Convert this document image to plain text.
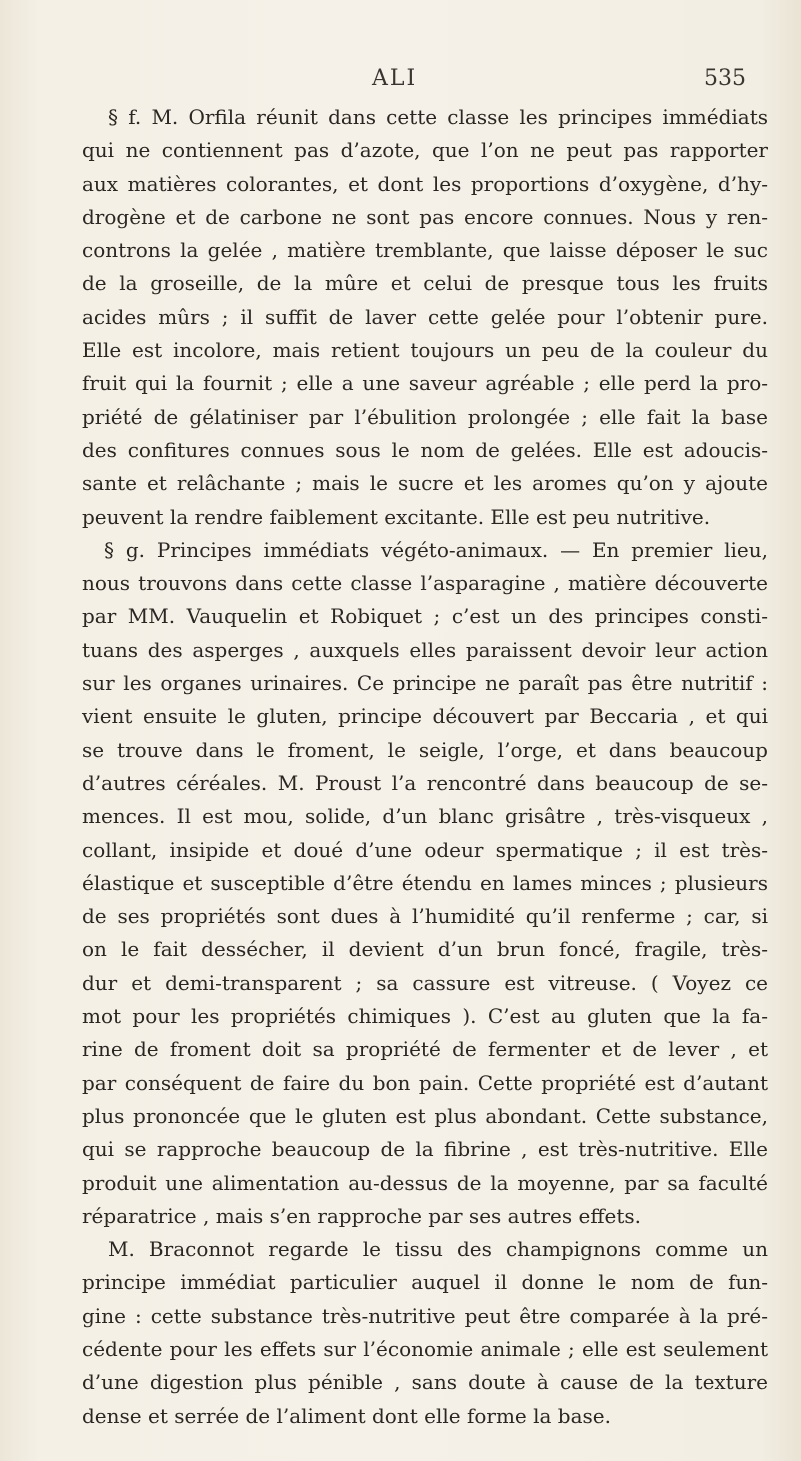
ALI	535
§ f. M. Orfila réunit dans cette classe les principes immédiats
qui ne contiennent pas d’azote, que l’on ne peut pas rapporter
aux matières colorantes, et dont les proportions d’oxygène, d’hy-
drogène et de carbone ne sont pas encore connues. Nous y ren-
controns la gelée , matière tremblante, que laisse déposer le suc
de la groseille, de la mûre et celui de presque tous les fruits
acides mûrs ; il suffit de laver cette gelée pour l’obtenir pure.
Elle est incolore, mais retient toujours un peu de la couleur du
fruit qui la fournit ; elle a une saveur agréable ; elle perd la pro-
priété de gélatiniser par l’ébulition prolongée ; elle fait la base
des confitures connues sous le nom de gelées. Elle est adoucis-
sante et relâchante ; mais le sucre et les aromes qu’on y ajoute
peuvent la rendre faiblement excitante. Elle est peu nutritive.
§ g. Principes immédiats végéto-animaux. — En premier lieu,
nous trouvons dans cette classe l’asparagine , matière découverte
par MM. Vauquelin et Robiquet ; c’est un des principes consti-
tuans des asperges , auxquels elles paraissent devoir leur action
sur les organes urinaires. Ce principe ne paraît pas être nutritif :
vient ensuite le gluten, principe découvert par Beccaria , et qui
se trouve dans le froment, le seigle, l’orge, et dans beaucoup
d’autres céréales. M. Proust l’a rencontré dans beaucoup de se-
mences. Il est mou, solide, d’un blanc grisâtre , très-visqueux ,
collant, insipide et doué d’une odeur spermatique ; il est très-
élastique et susceptible d’être étendu en lames minces ; plusieurs
de ses propriétés sont dues à l’humidité qu’il renferme ; car, si
on le fait dessécher, il devient d’un brun foncé, fragile, très-
dur et demi-transparent ; sa cassure est vitreuse. ( Voyez ce
mot pour les propriétés chimiques ). C’est au gluten que la fa-
rine de froment doit sa propriété de fermenter et de lever , et
par conséquent de faire du bon pain. Cette propriété est d’autant
plus prononcée que le gluten est plus abondant. Cette substance,
qui se rapproche beaucoup de la fibrine , est très-nutritive. Elle
produit une alimentation au-dessus de la moyenne, par sa faculté
réparatrice , mais s’en rapproche par ses autres effets.
M. Braconnot regarde le tissu des champignons comme un
principe immédiat particulier auquel il donne le nom de fun-
gine : cette substance très-nutritive peut être comparée à la pré-
cédente pour les effets sur l’économie animale ; elle est seulement
d’une digestion plus pénible , sans doute à cause de la texture
dense et serrée de l’aliment dont elle forme la base.
